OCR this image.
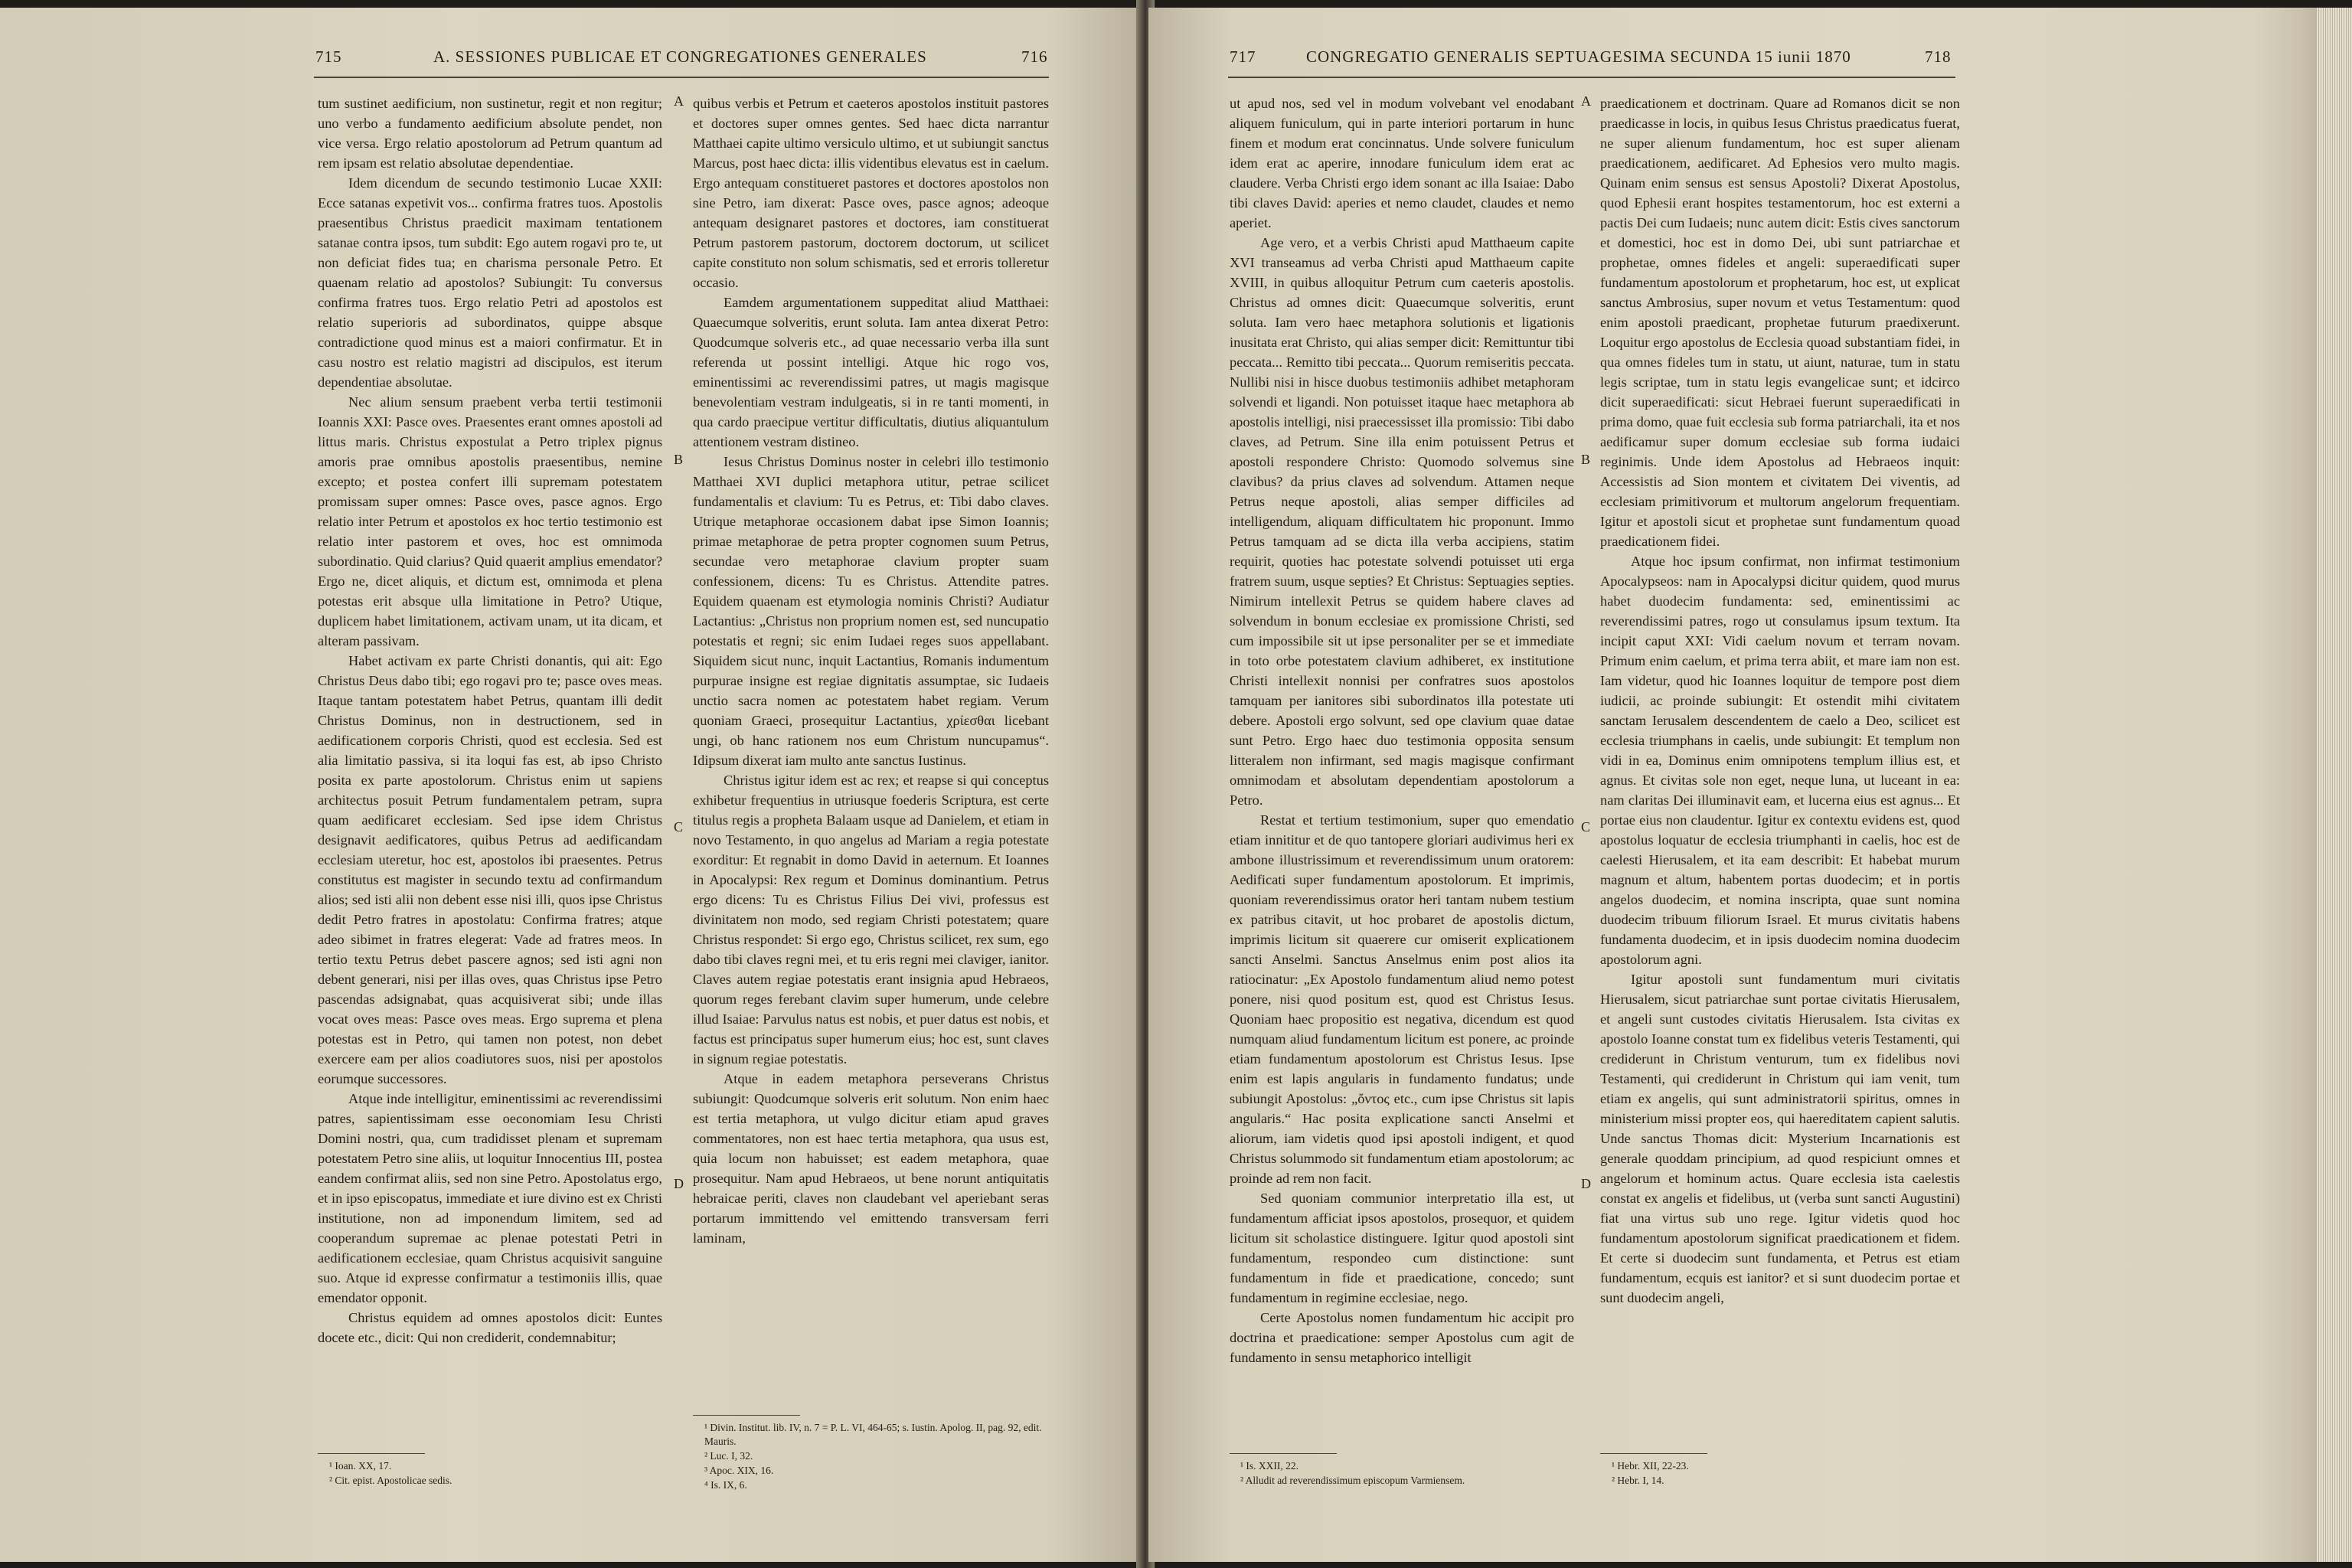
715	A. SESSIONES PUBLICAE ET CONGREGATIONES GENERALES	716

tum sustinet aedificium, non sustinetur, regit et non regitur; uno verbo a fundamento aedificium absolute pendet, non vice versa. Ergo relatio apostolorum ad Petrum quantum ad rem ipsam est relatio absolutae dependentiae.

Idem dicendum de secundo testimonio Lucae XXII: Ecce satanas expetivit vos... confirma fratres tuos. Apostolis praesentibus Christus praedicit maximam tentationem satanae contra ipsos, tum subdit: Ego autem rogavi pro te, ut non deficiat fides tua; en charisma personale Petro. Et quaenam relatio ad apostolos? Subiungit: Tu conversus confirma fratres tuos. Ergo relatio Petri ad apostolos est relatio superioris ad subordinatos, quippe absque contradictione quod minus est a maiori confirmatur. Et in casu nostro est relatio magistri ad discipulos, est iterum dependentiae absolutae.

Nec alium sensum praebent verba tertii testimonii Ioannis XXI: Pasce oves. Praesentes erant omnes apostoli ad littus maris. Christus expostulat a Petro triplex pignus amoris prae omnibus apostolis praesentibus, nemine excepto; et postea confert illi supremam potestatem promissam super omnes: Pasce oves, pasce agnos. Ergo relatio inter Petrum et apostolos ex hoc tertio testimonio est relatio inter pastorem et oves, hoc est omnimoda subordinatio. Quid clarius? Quid quaerit amplius emendator? Ergo ne, dicet aliquis, et dictum est, omnimoda et plena potestas erit absque ulla limitatione in Petro? Utique, duplicem habet limitationem, activam unam, ut ita dicam, et alteram passivam.

Habet activam ex parte Christi donantis, qui ait: Ego Christus Deus dabo tibi; ego rogavi pro te; pasce oves meas. Itaque tantam potestatem habet Petrus, quantam illi dedit Christus Dominus, non in destructionem, sed in aedificationem corporis Christi, quod est ecclesia. Sed est alia limitatio passiva, si ita loqui fas est, ab ipso Christo posita ex parte apostolorum. Christus enim ut sapiens architectus posuit Petrum fundamentalem petram, supra quam aedificaret ecclesiam. Sed ipse idem Christus designavit aedificatores, quibus Petrus ad aedificandam ecclesiam uteretur, hoc est, apostolos ibi praesentes. Petrus constitutus est magister in secundo textu ad confirmandum alios; sed isti alii non debent esse nisi illi, quos ipse Christus dedit Petro fratres in apostolatu: Confirma fratres; atque adeo sibimet in fratres elegerat: Vade ad fratres meos. In tertio textu Petrus debet pascere agnos; sed isti agni non debent generari, nisi per illas oves, quas Christus ipse Petro pascendas adsignabat, quas acquisiverat sibi; unde illas vocat oves meas: Pasce oves meas. Ergo suprema et plena potestas est in Petro, qui tamen non potest, non debet exercere eam per alios coadiutores suos, nisi per apostolos eorumque successores.

Atque inde intelligitur, eminentissimi ac reverendissimi patres, sapientissimam esse oeconomiam Iesu Christi Domini nostri, qua, cum tradidisset plenam et supremam potestatem Petro sine aliis, ut loquitur Innocentius III, postea eandem confirmat aliis, sed non sine Petro. Apostolatus ergo, et in ipso episcopatus, immediate et iure divino est ex Christi institutione, non ad imponendum limitem, sed ad cooperandum supremae ac plenae potestati Petri in aedificationem ecclesiae, quam Christus acquisivit sanguine suo. Atque id expresse confirmatur a testimoniis illis, quae emendator opponit.

Christus equidem ad omnes apostolos dicit: Euntes docete etc., dicit: Qui non crediderit, condemnabitur;

quibus verbis et Petrum et caeteros apostolos instituit pastores et doctores super omnes gentes. Sed haec dicta narrantur Matthaei capite ultimo versiculo ultimo, et ut subiungit sanctus Marcus, post haec dicta: illis videntibus elevatus est in caelum. Ergo antequam constitueret pastores et doctores apostolos non sine Petro, iam dixerat: Pasce oves, pasce agnos; adeoque antequam designaret pastores et doctores, iam constituerat Petrum pastorem pastorum, doctorem doctorum, ut scilicet capite constituto non solum schismatis, sed et erroris tolleretur occasio.

Eamdem argumentationem suppeditat aliud Matthaei: Quaecumque solveritis, erunt soluta. Iam antea dixerat Petro: Quodcumque solveris etc., ad quae necessario verba illa sunt referenda ut possint intelligi. Atque hic rogo vos, eminentissimi ac reverendissimi patres, ut magis magisque benevolentiam vestram indulgeatis, si in re tanti momenti, in qua cardo praecipue vertitur difficultatis, diutius aliquantulum attentionem vestram distineo.

Iesus Christus Dominus noster in celebri illo testimonio Matthaei XVI duplici metaphora utitur, petrae scilicet fundamentalis et clavium: Tu es Petrus, et: Tibi dabo claves. Utrique metaphorae occasionem dabat ipse Simon Ioannis; primae metaphorae de petra propter cognomen suum Petrus, secundae vero metaphorae clavium propter suam confessionem, dicens: Tu es Christus. Attendite patres. Equidem quaenam est etymologia nominis Christi? Audiatur Lactantius: „Christus non proprium nomen est, sed nuncupatio potestatis et regni; sic enim Iudaei reges suos appellabant. Siquidem sicut nunc, inquit Lactantius, Romanis indumentum purpurae insigne est regiae dignitatis assumptae, sic Iudaeis unctio sacra nomen ac potestatem habet regiam. Verum quoniam Graeci, prosequitur Lactantius, χρίεσθαι licebant ungi, ob hanc rationem nos eum Christum nuncupamus“. Idipsum dixerat iam multo ante sanctus Iustinus.

Christus igitur idem est ac rex; et reapse si qui conceptus exhibetur frequentius in utriusque foederis Scriptura, est certe titulus regis a propheta Balaam usque ad Danielem, et etiam in novo Testamento, in quo angelus ad Mariam a regia potestate exorditur: Et regnabit in domo David in aeternum. Et Ioannes in Apocalypsi: Rex regum et Dominus dominantium. Petrus ergo dicens: Tu es Christus Filius Dei vivi, professus est divinitatem non modo, sed regiam Christi potestatem; quare Christus respondet: Si ergo ego, Christus scilicet, rex sum, ego dabo tibi claves regni mei, et tu eris regni mei claviger, ianitor. Claves autem regiae potestatis erant insignia apud Hebraeos, quorum reges ferebant clavim super humerum, unde celebre illud Isaiae: Parvulus natus est nobis, et puer datus est nobis, et factus est principatus super humerum eius; hoc est, sunt claves in signum regiae potestatis.

Atque in eadem metaphora perseverans Christus subiungit: Quodcumque solveris erit solutum. Non enim haec est tertia metaphora, ut vulgo dicitur etiam apud graves commentatores, non est haec tertia metaphora, qua usus est, quia locum non habuisset; est eadem metaphora, quae prosequitur. Nam apud Hebraeos, ut bene norunt antiquitatis hebraicae periti, claves non claudebant vel aperiebant seras portarum immittendo vel emittendo transversam ferri laminam,

A
B
C
D
¹ Ioan. XX, 17.
² Cit. epist. Apostolicae sedis.
¹ Divin. Institut. lib. IV, n. 7 = P. L. VI, 464-65; s. Iustin. Apolog. II, pag. 92, edit. Mauris.
² Luc. I, 32.
³ Apoc. XIX, 16.
⁴ Is. IX, 6.
717	CONGREGATIO GENERALIS SEPTUAGESIMA SECUNDA 15 iunii 1870	718

ut apud nos, sed vel in modum volvebant vel enodabant aliquem funiculum, qui in parte interiori portarum in hunc finem et modum erat concinnatus. Unde solvere funiculum idem erat ac aperire, innodare funiculum idem erat ac claudere. Verba Christi ergo idem sonant ac illa Isaiae: Dabo tibi claves David: aperies et nemo claudet, claudes et nemo aperiet.

Age vero, et a verbis Christi apud Matthaeum capite XVI transeamus ad verba Christi apud Matthaeum capite XVIII, in quibus alloquitur Petrum cum caeteris apostolis. Christus ad omnes dicit: Quaecumque solveritis, erunt soluta. Iam vero haec metaphora solutionis et ligationis inusitata erat Christo, qui alias semper dicit: Remittuntur tibi peccata... Remitto tibi peccata... Quorum remiseritis peccata. Nullibi nisi in hisce duobus testimoniis adhibet metaphoram solvendi et ligandi. Non potuisset itaque haec metaphora ab apostolis intelligi, nisi praecessisset illa promissio: Tibi dabo claves, ad Petrum. Sine illa enim potuissent Petrus et apostoli respondere Christo: Quomodo solvemus sine clavibus? da prius claves ad solvendum. Attamen neque Petrus neque apostoli, alias semper difficiles ad intelligendum, aliquam difficultatem hic proponunt. Immo Petrus tamquam ad se dicta illa verba accipiens, statim requirit, quoties hac potestate solvendi potuisset uti erga fratrem suum, usque septies? Et Christus: Septuagies septies. Nimirum intellexit Petrus se quidem habere claves ad solvendum in bonum ecclesiae ex promissione Christi, sed cum impossibile sit ut ipse personaliter per se et immediate in toto orbe potestatem clavium adhiberet, ex institutione Christi intellexit nonnisi per confratres suos apostolos tamquam per ianitores sibi subordinatos illa potestate uti debere. Apostoli ergo solvunt, sed ope clavium quae datae sunt Petro. Ergo haec duo testimonia opposita sensum litteralem non infirmant, sed magis magisque confirmant omnimodam et absolutam dependentiam apostolorum a Petro.

Restat et tertium testimonium, super quo emendatio etiam innititur et de quo tantopere gloriari audivimus heri ex ambone illustrissimum et reverendissimum unum oratorem: Aedificati super fundamentum apostolorum. Et imprimis, quoniam reverendissimus orator heri tantam nubem testium ex patribus citavit, ut hoc probaret de apostolis dictum, imprimis licitum sit quaerere cur omiserit explicationem sancti Anselmi. Sanctus Anselmus enim post alios ita ratiocinatur: „Ex Apostolo fundamentum aliud nemo potest ponere, nisi quod positum est, quod est Christus Iesus. Quoniam haec propositio est negativa, dicendum est quod numquam aliud fundamentum licitum est ponere, ac proinde etiam fundamentum apostolorum est Christus Iesus. Ipse enim est lapis angularis in fundamento fundatus; unde subiungit Apostolus: „ὄντος etc., cum ipse Christus sit lapis angularis.“ Hac posita explicatione sancti Anselmi et aliorum, iam videtis quod ipsi apostoli indigent, et quod Christus solummodo sit fundamentum etiam apostolorum; ac proinde ad rem non facit.

Sed quoniam communior interpretatio illa est, ut fundamentum afficiat ipsos apostolos, prosequor, et quidem licitum sit scholastice distinguere. Igitur quod apostoli sint fundamentum, respondeo cum distinctione: sunt fundamentum in fide et praedicatione, concedo; sunt fundamentum in regimine ecclesiae, nego.

Certe Apostolus nomen fundamentum hic accipit pro doctrina et praedicatione: semper Apostolus cum agit de fundamento in sensu metaphorico intelligit

praedicationem et doctrinam. Quare ad Romanos dicit se non praedicasse in locis, in quibus Iesus Christus praedicatus fuerat, ne super alienum fundamentum, hoc est super alienam praedicationem, aedificaret. Ad Ephesios vero multo magis. Quinam enim sensus est sensus Apostoli? Dixerat Apostolus, quod Ephesii erant hospites testamentorum, hoc est externi a pactis Dei cum Iudaeis; nunc autem dicit: Estis cives sanctorum et domestici, hoc est in domo Dei, ubi sunt patriarchae et prophetae, omnes fideles et angeli: superaedificati super fundamentum apostolorum et prophetarum, hoc est, ut explicat sanctus Ambrosius, super novum et vetus Testamentum: quod enim apostoli praedicant, prophetae futurum praedixerunt. Loquitur ergo apostolus de Ecclesia quoad substantiam fidei, in qua omnes fideles tum in statu, ut aiunt, naturae, tum in statu legis scriptae, tum in statu legis evangelicae sunt; et idcirco dicit superaedificati: sicut Hebraei fuerunt superaedificati in prima domo, quae fuit ecclesia sub forma patriarchali, ita et nos aedificamur super domum ecclesiae sub forma iudaici reginimis. Unde idem Apostolus ad Hebraeos inquit: Accessistis ad Sion montem et civitatem Dei viventis, ad ecclesiam primitivorum et multorum angelorum frequentiam. Igitur et apostoli sicut et prophetae sunt fundamentum quoad praedicationem fidei.

Atque hoc ipsum confirmat, non infirmat testimonium Apocalypseos: nam in Apocalypsi dicitur quidem, quod murus habet duodecim fundamenta: sed, eminentissimi ac reverendissimi patres, rogo ut consulamus ipsum textum. Ita incipit caput XXI: Vidi caelum novum et terram novam. Primum enim caelum, et prima terra abiit, et mare iam non est. Iam videtur, quod hic Ioannes loquitur de tempore post diem iudicii, ac proinde subiungit: Et ostendit mihi civitatem sanctam Ierusalem descendentem de caelo a Deo, scilicet est ecclesia triumphans in caelis, unde subiungit: Et templum non vidi in ea, Dominus enim omnipotens templum illius est, et agnus. Et civitas sole non eget, neque luna, ut luceant in ea: nam claritas Dei illuminavit eam, et lucerna eius est agnus... Et portae eius non claudentur. Igitur ex contextu evidens est, quod apostolus loquatur de ecclesia triumphanti in caelis, hoc est de caelesti Hierusalem, et ita eam describit: Et habebat murum magnum et altum, habentem portas duodecim; et in portis angelos duodecim, et nomina inscripta, quae sunt nomina duodecim tribuum filiorum Israel. Et murus civitatis habens fundamenta duodecim, et in ipsis duodecim nomina duodecim apostolorum agni.

Igitur apostoli sunt fundamentum muri civitatis Hierusalem, sicut patriarchae sunt portae civitatis Hierusalem, et angeli sunt custodes civitatis Hierusalem. Ista civitas ex apostolo Ioanne constat tum ex fidelibus veteris Testamenti, qui crediderunt in Christum venturum, tum ex fidelibus novi Testamenti, qui crediderunt in Christum qui iam venit, tum etiam ex angelis, qui sunt administratorii spiritus, omnes in ministerium missi propter eos, qui haereditatem capient salutis. Unde sanctus Thomas dicit: Mysterium Incarnationis est generale quoddam principium, ad quod respiciunt omnes et angelorum et hominum actus. Quare ecclesia ista caelestis constat ex angelis et fidelibus, ut (verba sunt sancti Augustini) fiat una virtus sub uno rege. Igitur videtis quod hoc fundamentum apostolorum significat praedicationem et fidem. Et certe si duodecim sunt fundamenta, et Petrus est etiam fundamentum, ecquis est ianitor? et si sunt duodecim portae et sunt duodecim angeli,

A
B
C
D
¹ Is. XXII, 22.
² Alludit ad reverendissimum episcopum Varmiensem.
¹ Hebr. XII, 22-23.
² Hebr. I, 14.
